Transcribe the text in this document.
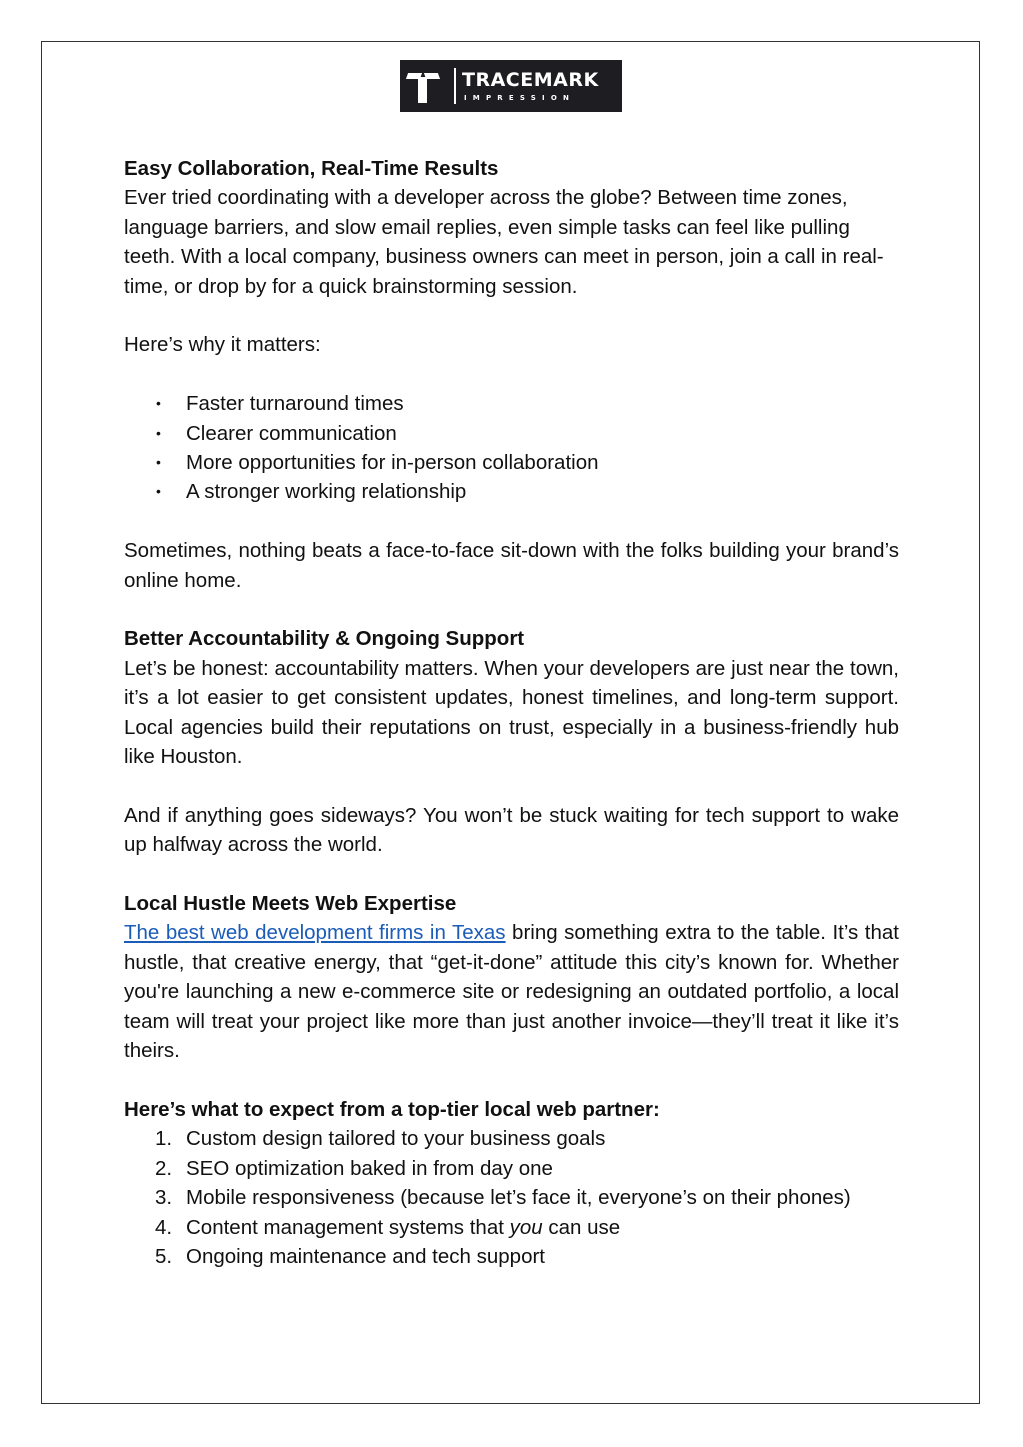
TRACEMARK
IMPRESSION

Easy Collaboration, Real-Time Results

Ever tried coordinating with a developer across the globe? Between time zones, language barriers, and slow email replies, even simple tasks can feel like pulling teeth. With a local company, business owners can meet in person, join a call in real-time, or drop by for a quick brainstorming session.

Here’s why it matters:

• Faster turnaround times
• Clearer communication
• More opportunities for in-person collaboration
• A stronger working relationship

Sometimes, nothing beats a face-to-face sit-down with the folks building your brand’s online home.

Better Accountability & Ongoing Support

Let’s be honest: accountability matters. When your developers are just near the town, it’s a lot easier to get consistent updates, honest timelines, and long-term support. Local agencies build their reputations on trust, especially in a business-friendly hub like Houston.

And if anything goes sideways? You won’t be stuck waiting for tech support to wake up halfway across the world.

Local Hustle Meets Web Expertise

The best web development firms in Texas bring something extra to the table. It’s that hustle, that creative energy, that “get-it-done” attitude this city’s known for. Whether you're launching a new e-commerce site or redesigning an outdated portfolio, a local team will treat your project like more than just another invoice—they’ll treat it like it’s theirs.

Here’s what to expect from a top-tier local web partner:

1. Custom design tailored to your business goals
2. SEO optimization baked in from day one
3. Mobile responsiveness (because let’s face it, everyone’s on their phones)
4. Content management systems that you can use
5. Ongoing maintenance and tech support
